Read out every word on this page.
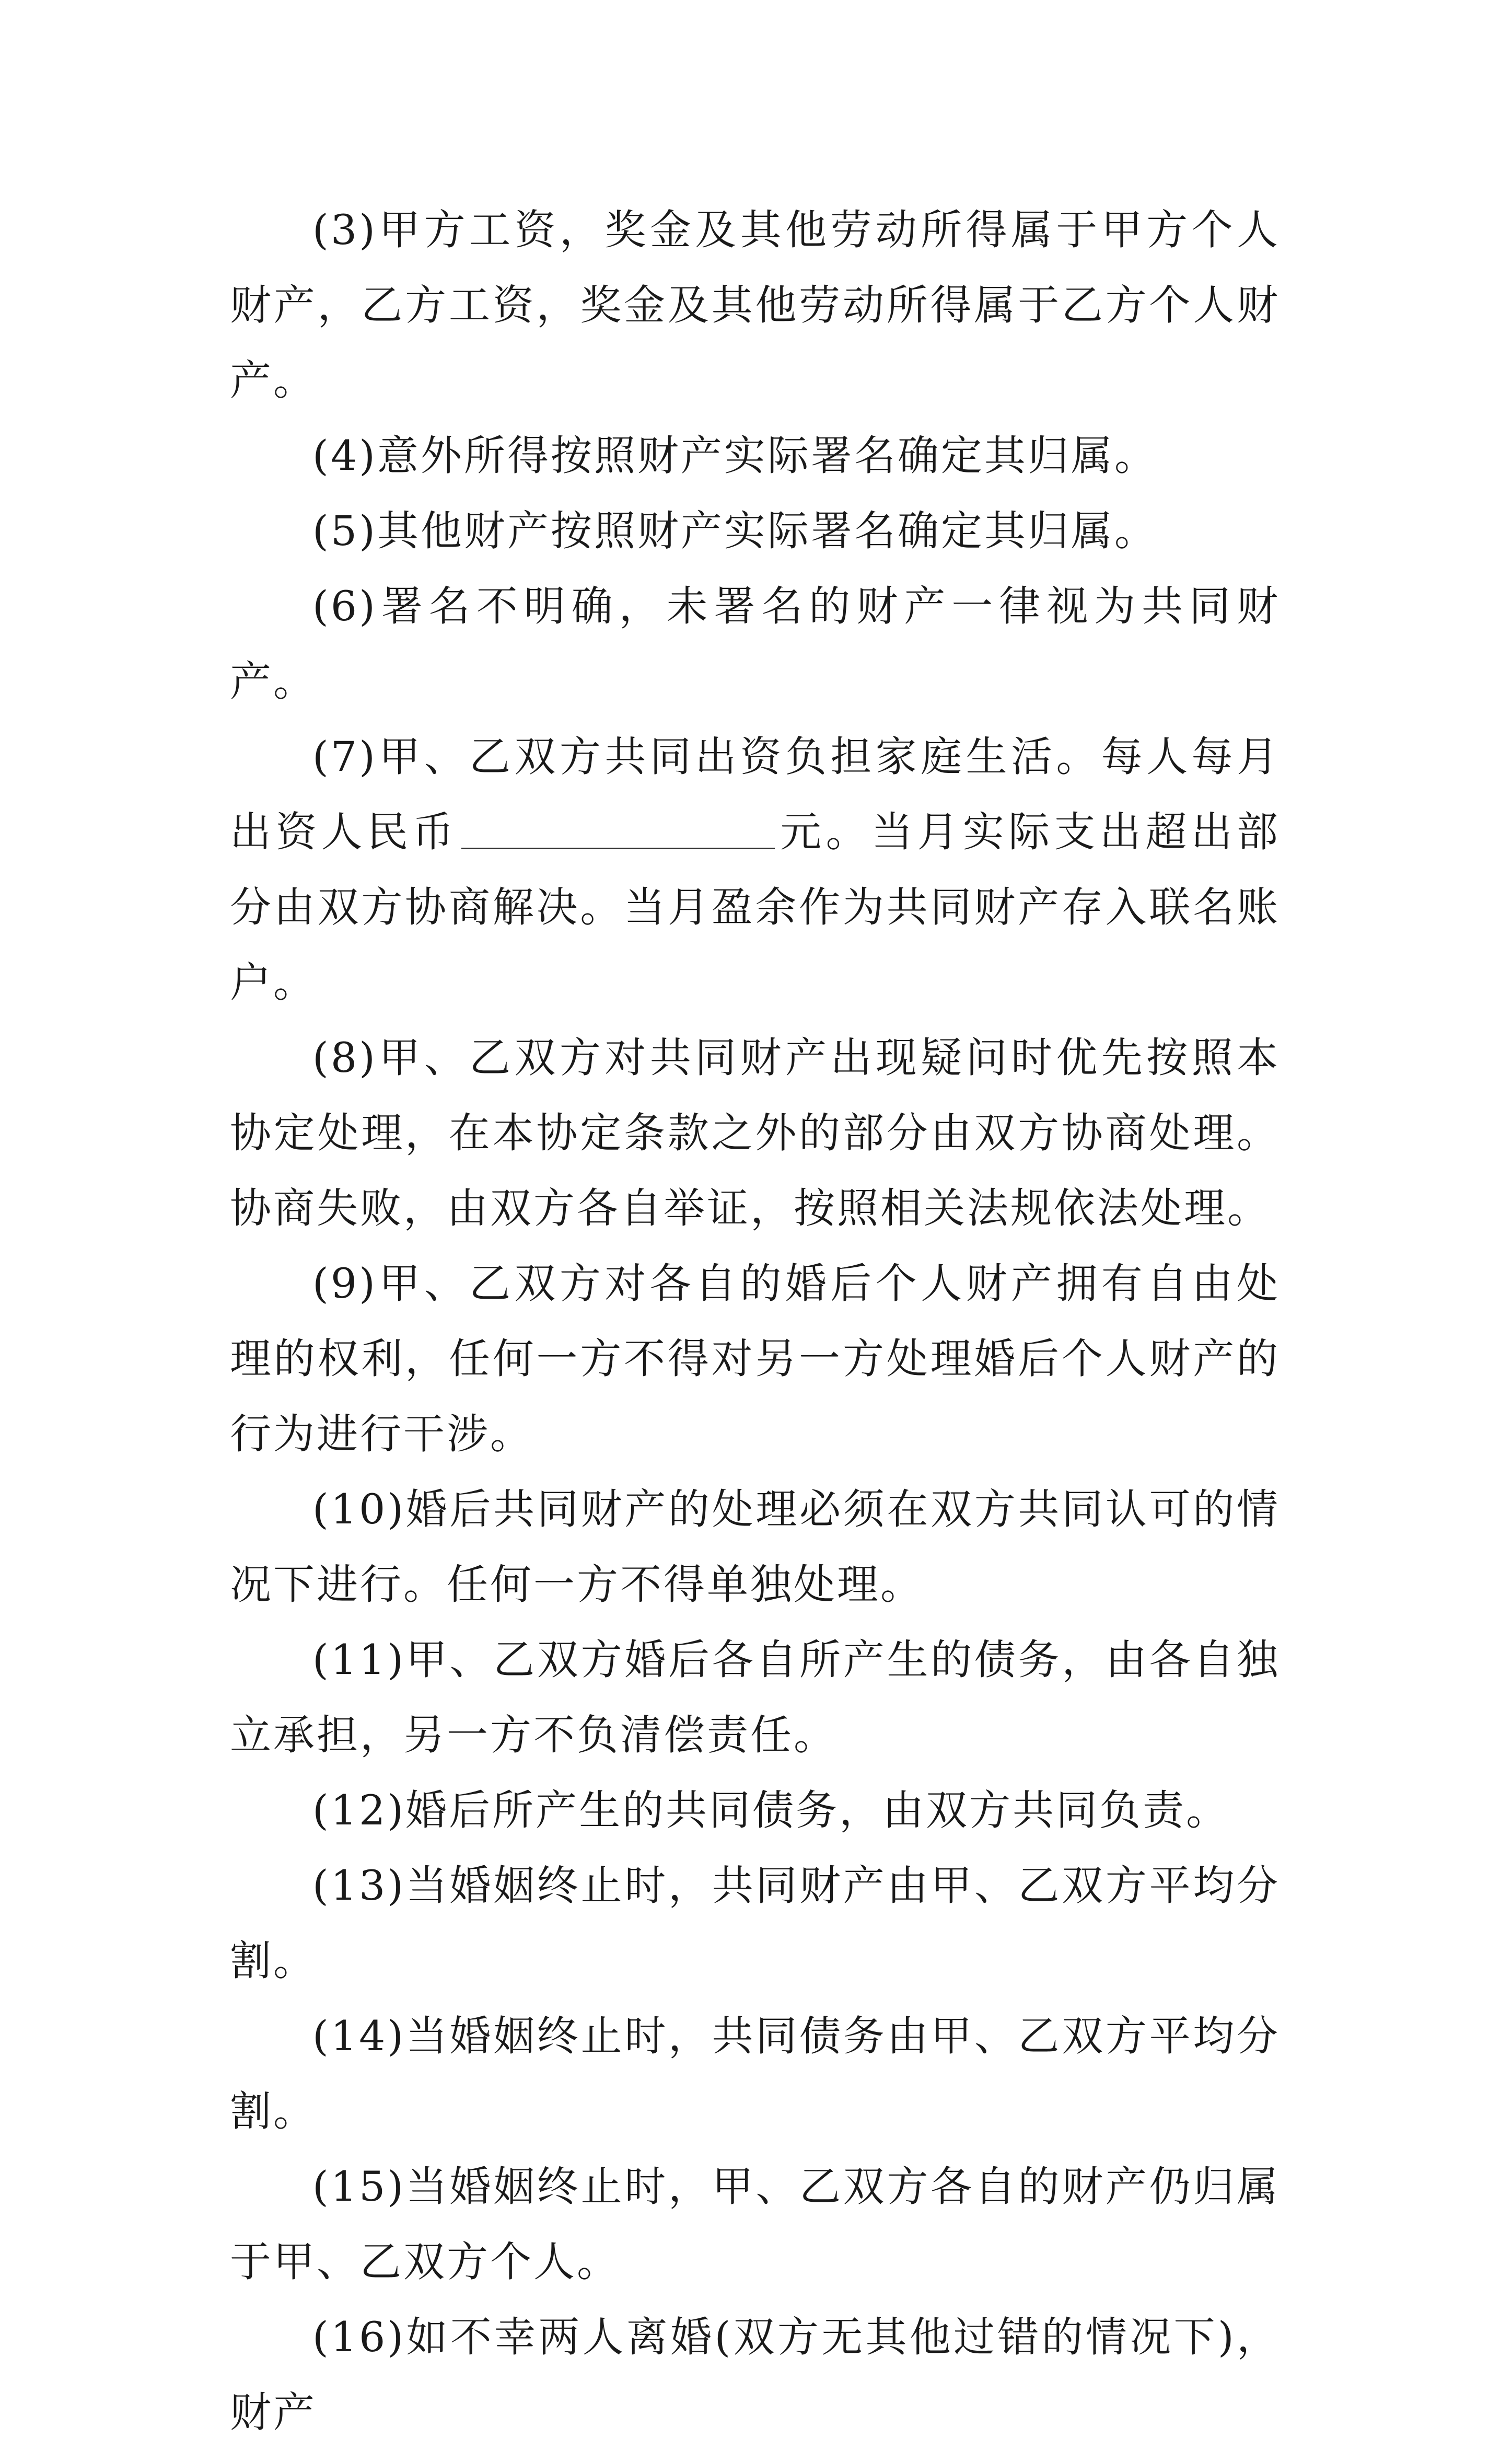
(3)甲方工资，奖金及其他劳动所得属于甲方个人财产，乙方工资，奖金及其他劳动所得属于乙方个人财产。

(4)意外所得按照财产实际署名确定其归属。

(5)其他财产按照财产实际署名确定其归属。

(6)署名不明确，未署名的财产一律视为共同财产。

(7)甲、乙双方共同出资负担家庭生活。每人每月出资人民币	元。当月实际支出超出部分由双方协商解决。当月盈余作为共同财产存入联名账户。

(8)甲、乙双方对共同财产出现疑问时优先按照本协定处理，在本协定条款之外的部分由双方协商处理。协商失败，由双方各自举证，按照相关法规依法处理。

(9)甲、乙双方对各自的婚后个人财产拥有自由处理的权利，任何一方不得对另一方处理婚后个人财产的行为进行干涉。

(10)婚后共同财产的处理必须在双方共同认可的情况下进行。任何一方不得单独处理。

(11)甲、乙双方婚后各自所产生的债务，由各自独立承担，另一方不负清偿责任。

(12)婚后所产生的共同债务，由双方共同负责。

(13)当婚姻终止时，共同财产由甲、乙双方平均分割。

(14)当婚姻终止时，共同债务由甲、乙双方平均分割。

(15)当婚姻终止时，甲、乙双方各自的财产仍归属于甲、乙双方个人。

(16)如不幸两人离婚(双方无其他过错的情况下)，财产
